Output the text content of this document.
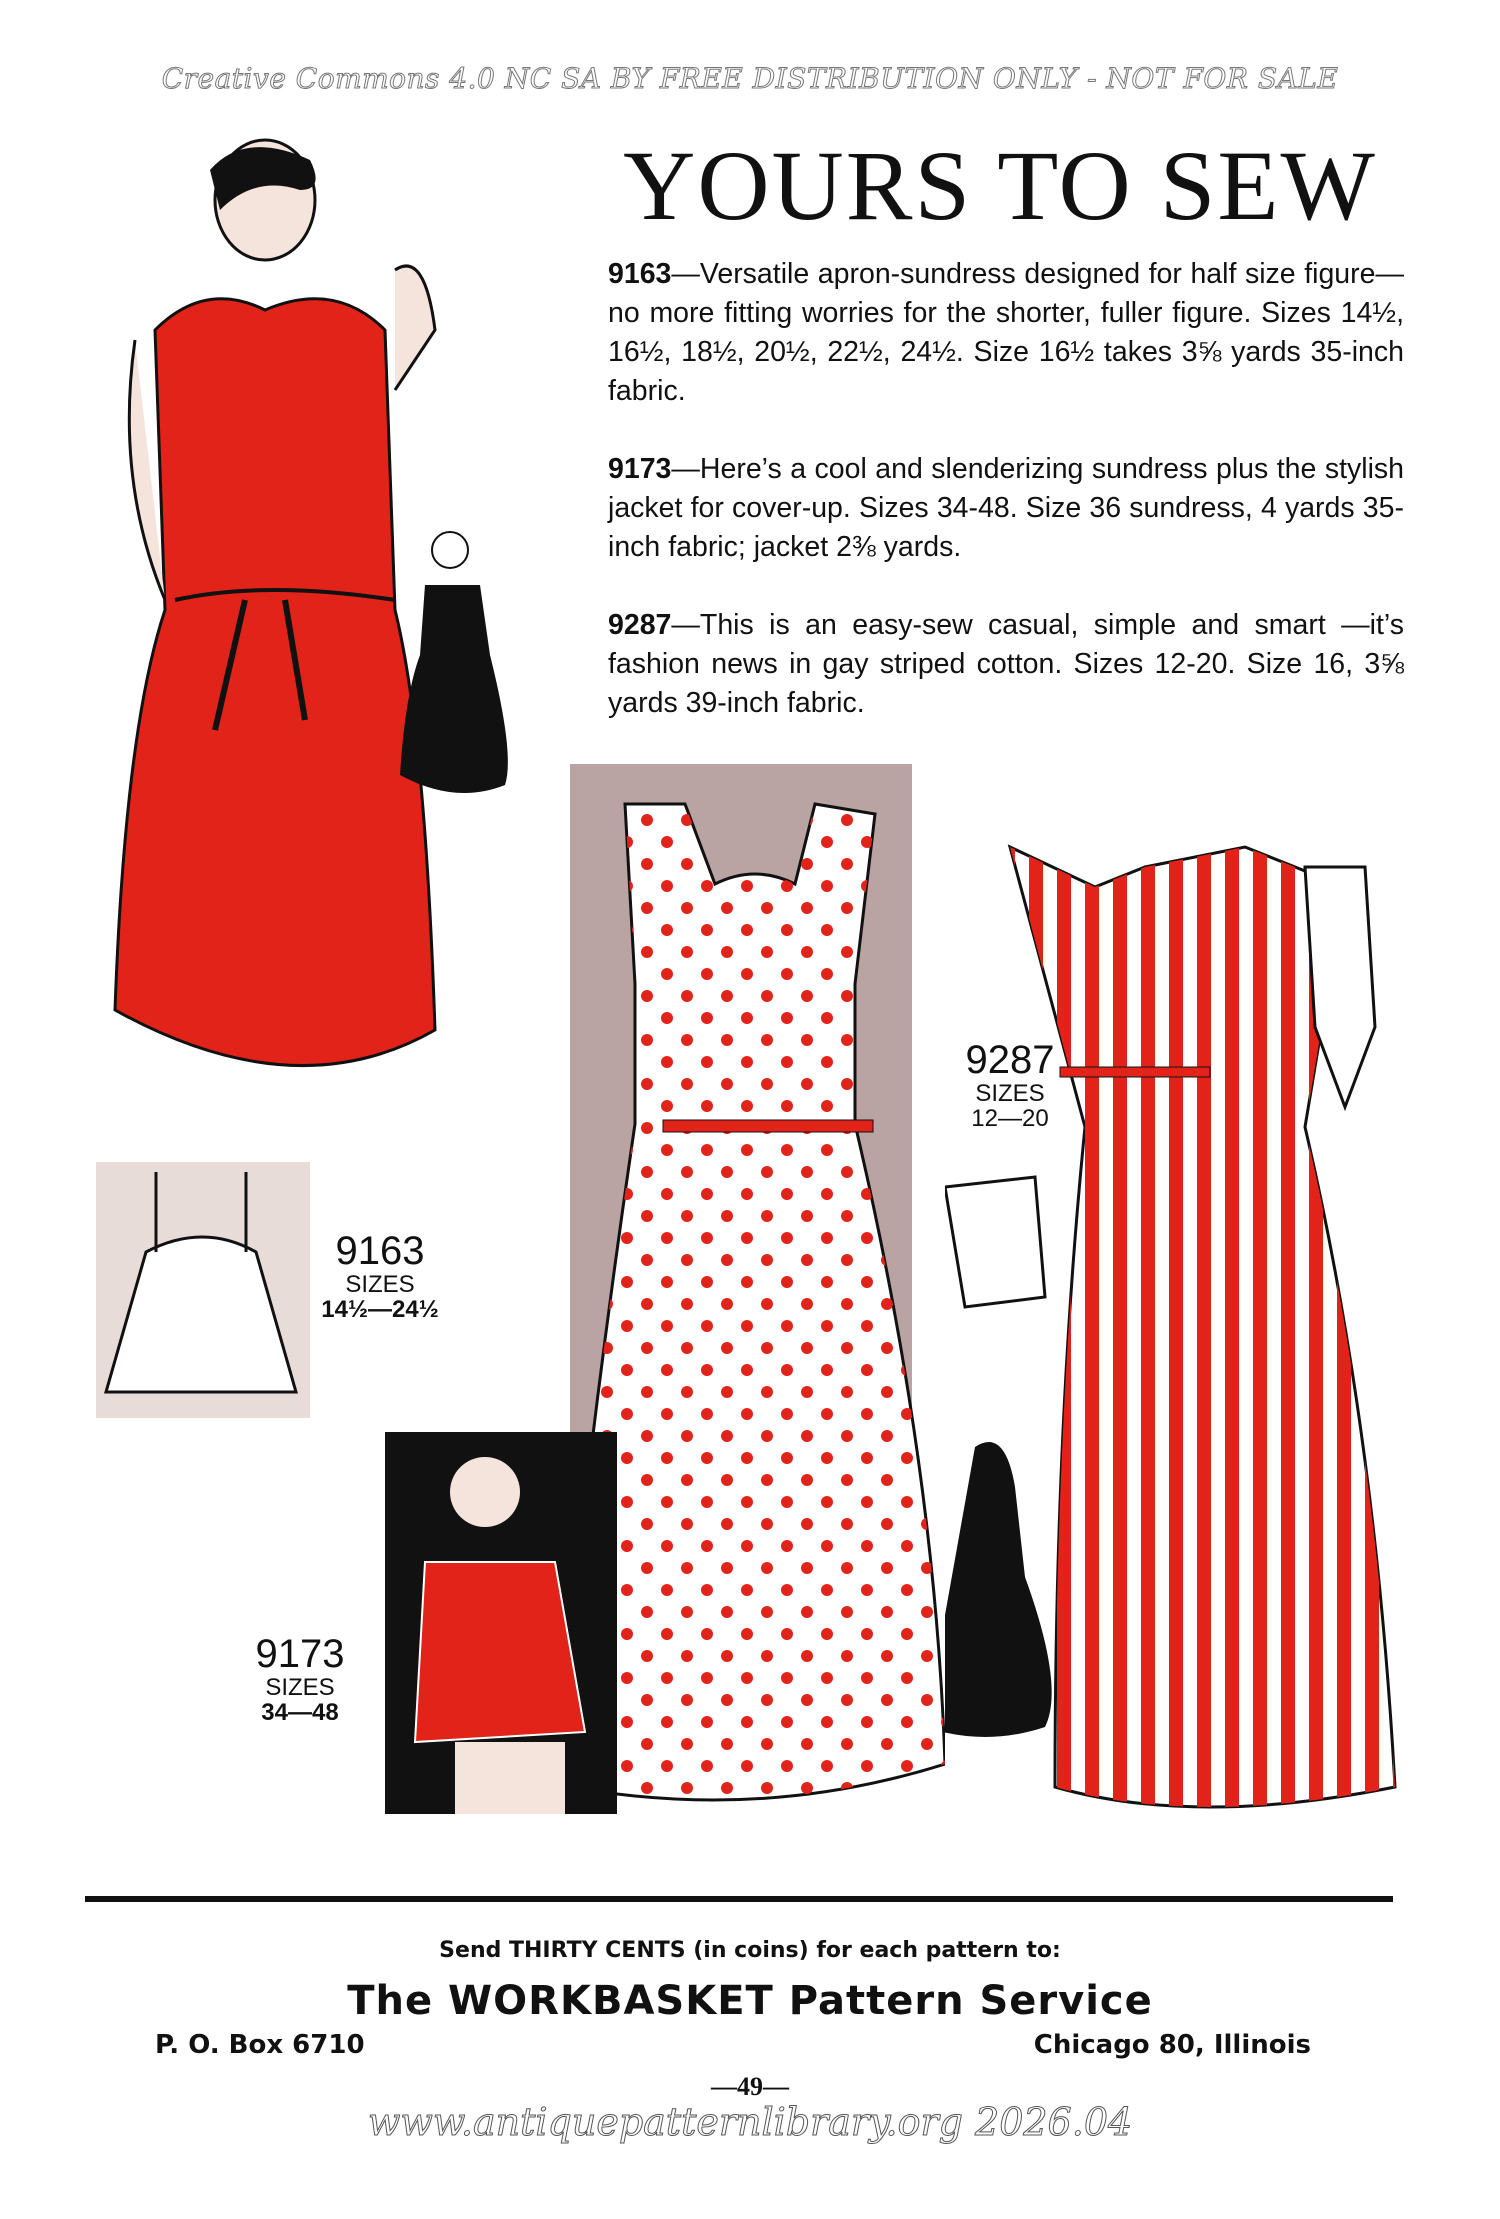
Creative Commons 4.0 NC SA BY FREE DISTRIBUTION ONLY - NOT FOR SALE
YOURS TO SEW

9163—Versatile apron-sundress designed for half size figure—no more fitting worries for the shorter, fuller figure. Sizes 14½, 16½, 18½, 20½, 22½, 24½. Size 16½ takes 3⅝ yards 35-inch fabric.

9173—Here’s a cool and slenderizing sundress plus the stylish jacket for cover-up. Sizes 34-48. Size 36 sundress, 4 yards 35-inch fabric; jacket 2⅜ yards.

9287—This is an easy-sew casual, simple and smart —it’s fashion news in gay striped cotton. Sizes 12-20. Size 16, 3⅝ yards 39-inch fabric.

9163
SIZES
14½—24½
9173
SIZES
34—48
9287
SIZES
12—20
Send THIRTY CENTS (in coins) for each pattern to:
The WORKBASKET Pattern Service
P. O. Box 6710	Chicago 80, Illinois
—49—
www.antiquepatternlibrary.org 2026.04
